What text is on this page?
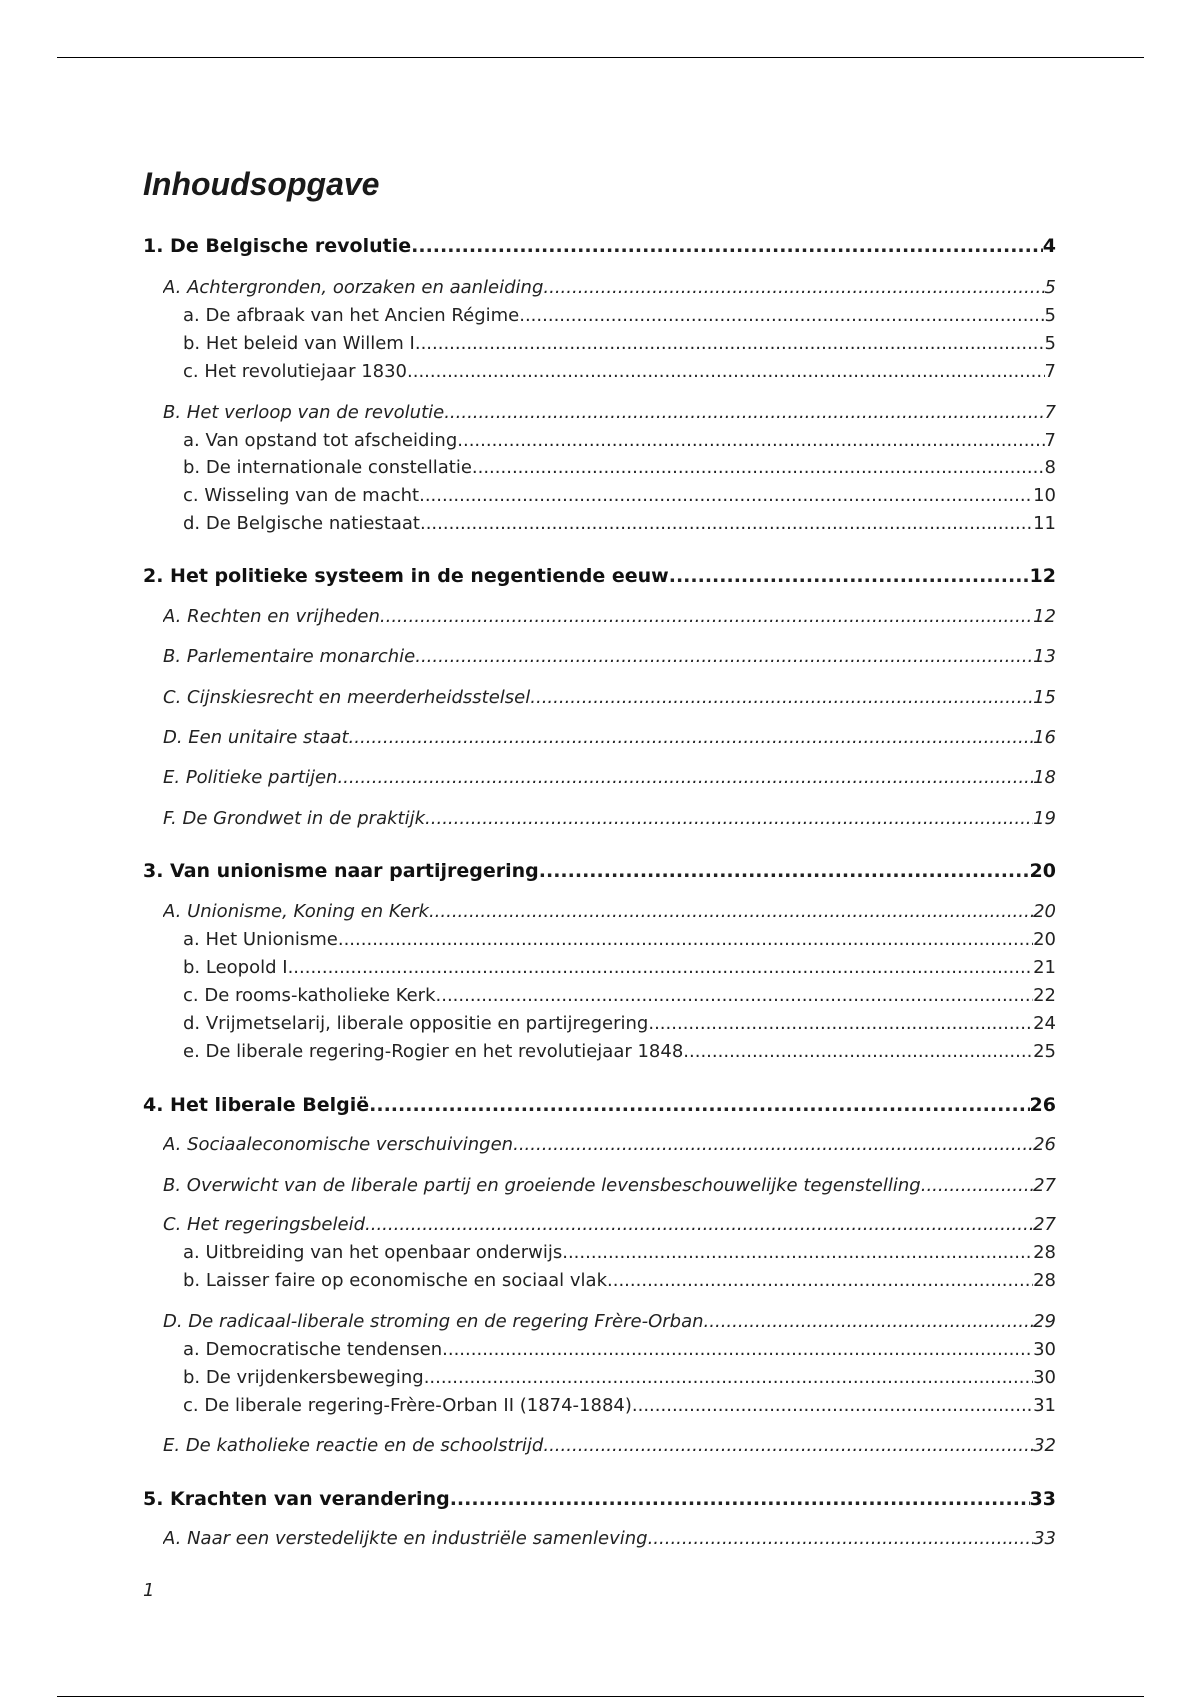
Inhoudsopgave
1. De Belgische revolutie .....	4
A. Achtergronden, oorzaken en aanleiding .....	5
a. De afbraak van het Ancien Régime .....	5
b. Het beleid van Willem I .....	5
c. Het revolutiejaar 1830 .....	7
B. Het verloop van de revolutie .....	7
a. Van opstand tot afscheiding .....	7
b. De internationale constellatie .....	8
c. Wisseling van de macht .....	10
d. De Belgische natiestaat .....	11
2. Het politieke systeem in de negentiende eeuw .....	12
A. Rechten en vrijheden .....	12
B. Parlementaire monarchie .....	13
C. Cijnskiesrecht en meerderheidsstelsel .....	15
D. Een unitaire staat .....	16
E. Politieke partijen .....	18
F. De Grondwet in de praktijk .....	19
3. Van unionisme naar partijregering .....	20
A. Unionisme, Koning en Kerk .....	20
a. Het Unionisme .....	20
b. Leopold I .....	21
c. De rooms-katholieke Kerk .....	22
d. Vrijmetselarij, liberale oppositie en partijregering .....	24
e. De liberale regering-Rogier en het revolutiejaar 1848 .....	25
4. Het liberale België .....	26
A. Sociaaleconomische verschuivingen .....	26
B. Overwicht van de liberale partij en groeiende levensbeschouwelijke tegenstelling. .....	27
C. Het regeringsbeleid .....	27
a. Uitbreiding van het openbaar onderwijs .....	28
b. Laisser faire op economische en sociaal vlak .....	28
D. De radicaal-liberale stroming en de regering Frère-Orban .....	29
a. Democratische tendensen .....	30
b. De vrijdenkersbeweging .....	30
c. De liberale regering-Frère-Orban II (1874-1884) .....	31
E. De katholieke reactie en de schoolstrijd .....	32
5. Krachten van verandering .....	33
A. Naar een verstedelijkte en industriële samenleving .....	33
1
